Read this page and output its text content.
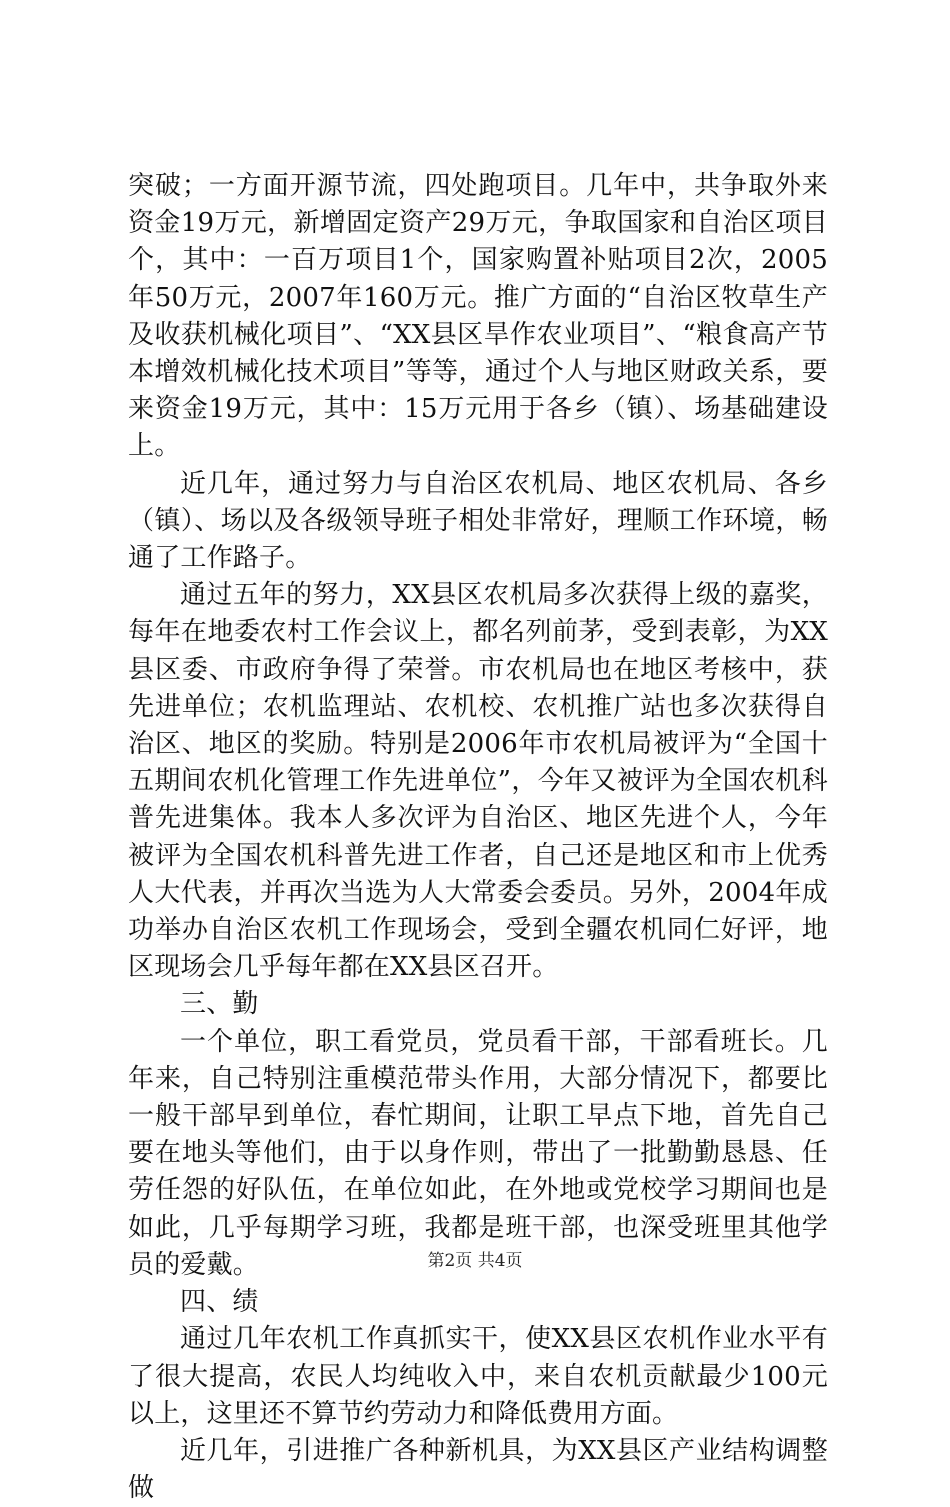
突破；一方面开源节流，四处跑项目。几年中，共争取外来资金19万元，新增固定资产29万元，争取国家和自治区项目个，其中：一百万项目1个，国家购置补贴项目2次，2005年50万元，2007年160万元。推广方面的“自治区牧草生产及收获机械化项目”、“XX县区旱作农业项目”、“粮食高产节本增效机械化技术项目”等等，通过个人与地区财政关系，要来资金19万元，其中：15万元用于各乡（镇）、场基础建设上。

近几年，通过努力与自治区农机局、地区农机局、各乡（镇）、场以及各级领导班子相处非常好，理顺工作环境，畅通了工作路子。

通过五年的努力，XX县区农机局多次获得上级的嘉奖，每年在地委农村工作会议上，都名列前茅，受到表彰，为XX县区委、市政府争得了荣誉。市农机局也在地区考核中，获先进单位；农机监理站、农机校、农机推广站也多次获得自治区、地区的奖励。特别是2006年市农机局被评为“全国十五期间农机化管理工作先进单位”，今年又被评为全国农机科普先进集体。我本人多次评为自治区、地区先进个人，今年被评为全国农机科普先进工作者，自己还是地区和市上优秀人大代表，并再次当选为人大常委会委员。另外，2004年成功举办自治区农机工作现场会，受到全疆农机同仁好评，地区现场会几乎每年都在XX县区召开。

三、勤

一个单位，职工看党员，党员看干部，干部看班长。几年来，自己特别注重模范带头作用，大部分情况下，都要比一般干部早到单位，春忙期间，让职工早点下地，首先自己要在地头等他们，由于以身作则，带出了一批勤勤恳恳、任劳任怨的好队伍，在单位如此，在外地或党校学习期间也是如此，几乎每期学习班，我都是班干部，也深受班里其他学员的爱戴。

四、绩

通过几年农机工作真抓实干，使XX县区农机作业水平有了很大提高，农民人均纯收入中，来自农机贡献最少100元以上，这里还不算节约劳动力和降低费用方面。

近几年，引进推广各种新机具，为XX县区产业结构调整做

第2页 共4页
